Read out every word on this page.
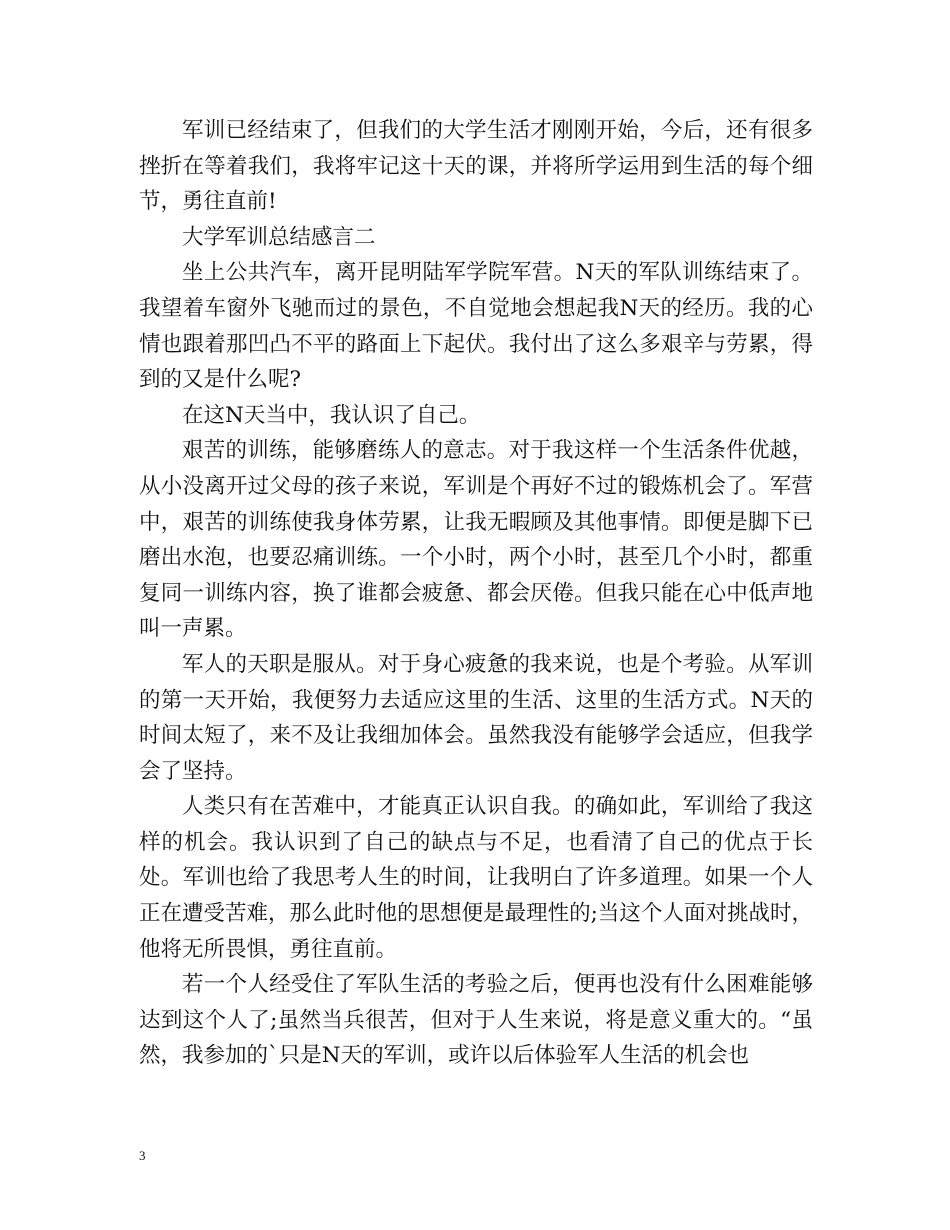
军训已经结束了，但我们的大学生活才刚刚开始，今后，还有很多挫折在等着我们，我将牢记这十天的课，并将所学运用到生活的每个细节，勇往直前!

大学军训总结感言二

坐上公共汽车，离开昆明陆军学院军营。N天的军队训练结束了。我望着车窗外飞驰而过的景色，不自觉地会想起我N天的经历。我的心情也跟着那凹凸不平的路面上下起伏。我付出了这么多艰辛与劳累，得到的又是什么呢?

在这N天当中，我认识了自己。

艰苦的训练，能够磨练人的意志。对于我这样一个生活条件优越，从小没离开过父母的孩子来说，军训是个再好不过的锻炼机会了。军营中，艰苦的训练使我身体劳累，让我无暇顾及其他事情。即便是脚下已磨出水泡，也要忍痛训练。一个小时，两个小时，甚至几个小时，都重复同一训练内容，换了谁都会疲惫、都会厌倦。但我只能在心中低声地叫一声累。

军人的天职是服从。对于身心疲惫的我来说，也是个考验。从军训的第一天开始，我便努力去适应这里的生活、这里的生活方式。N天的时间太短了，来不及让我细加体会。虽然我没有能够学会适应，但我学会了坚持。

人类只有在苦难中，才能真正认识自我。的确如此，军训给了我这样的机会。我认识到了自己的缺点与不足，也看清了自己的优点于长处。军训也给了我思考人生的时间，让我明白了许多道理。如果一个人正在遭受苦难，那么此时他的思想便是最理性的;当这个人面对挑战时，他将无所畏惧，勇往直前。

若一个人经受住了军队生活的考验之后，便再也没有什么困难能够达到这个人了;虽然当兵很苦，但对于人生来说，将是意义重大的。“虽然，我参加的`只是N天的军训，或许以后体验军人生活的机会也

3
